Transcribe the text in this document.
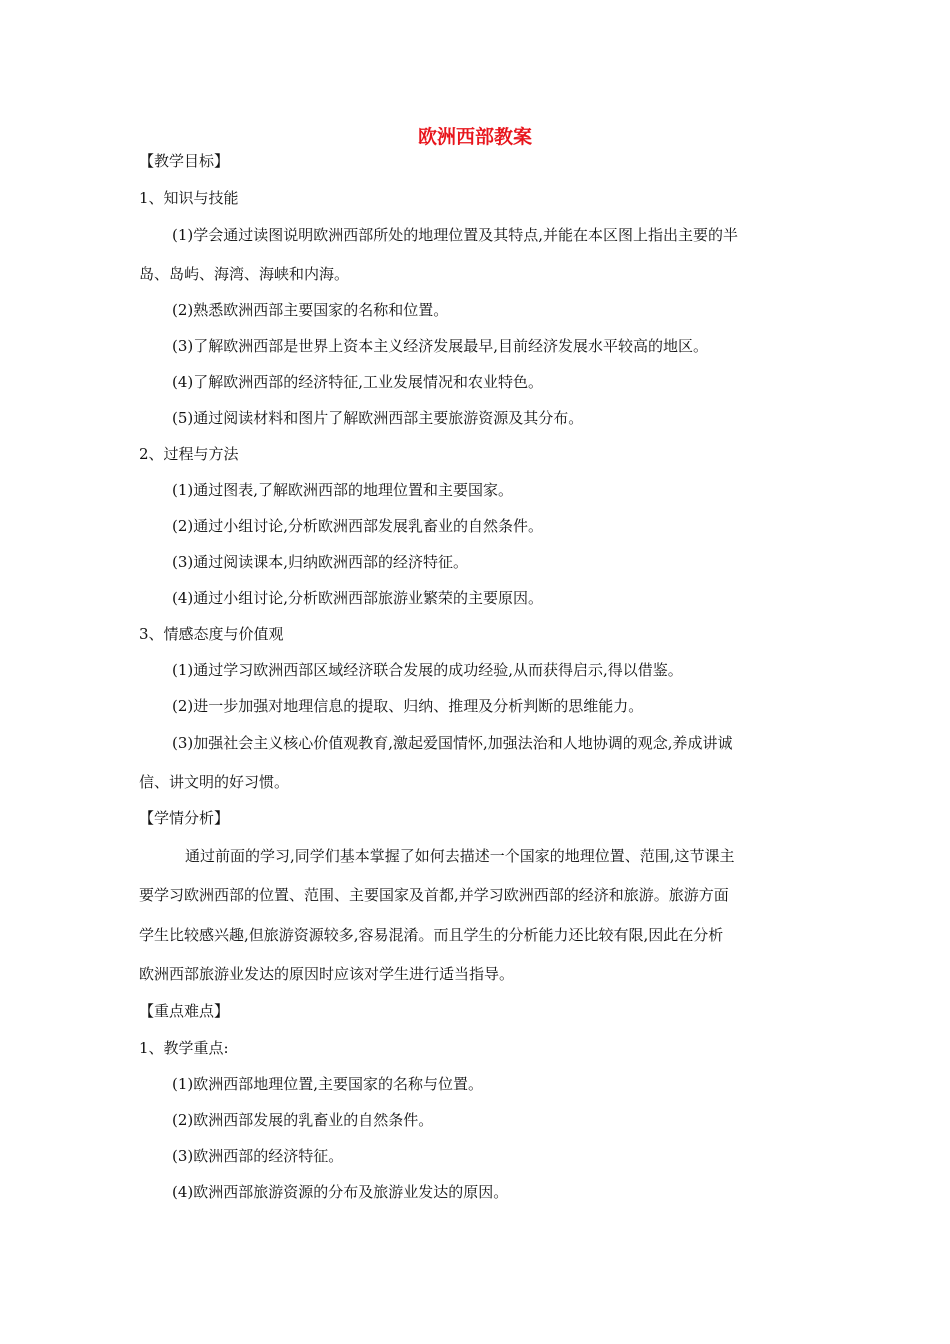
欧洲西部教案
【教学目标】
1、知识与技能
(1)学会通过读图说明欧洲西部所处的地理位置及其特点,并能在本区图上指出主要的半
岛、岛屿、海湾、海峡和内海。
(2)熟悉欧洲西部主要国家的名称和位置。
(3)了解欧洲西部是世界上资本主义经济发展最早,目前经济发展水平较高的地区。
(4)了解欧洲西部的经济特征,工业发展情况和农业特色。
(5)通过阅读材料和图片了解欧洲西部主要旅游资源及其分布。
2、过程与方法
(1)通过图表,了解欧洲西部的地理位置和主要国家。
(2)通过小组讨论,分析欧洲西部发展乳畜业的自然条件。
(3)通过阅读课本,归纳欧洲西部的经济特征。
(4)通过小组讨论,分析欧洲西部旅游业繁荣的主要原因。
3、情感态度与价值观
(1)通过学习欧洲西部区域经济联合发展的成功经验,从而获得启示,得以借鉴。
(2)进一步加强对地理信息的提取、归纳、推理及分析判断的思维能力。
(3)加强社会主义核心价值观教育,激起爱国情怀,加强法治和人地协调的观念,养成讲诚
信、讲文明的好习惯。
【学情分析】
通过前面的学习,同学们基本掌握了如何去描述一个国家的地理位置、范围,这节课主
要学习欧洲西部的位置、范围、主要国家及首都,并学习欧洲西部的经济和旅游。旅游方面
学生比较感兴趣,但旅游资源较多,容易混淆。而且学生的分析能力还比较有限,因此在分析
欧洲西部旅游业发达的原因时应该对学生进行适当指导。
【重点难点】
1、教学重点:
(1)欧洲西部地理位置,主要国家的名称与位置。
(2)欧洲西部发展的乳畜业的自然条件。
(3)欧洲西部的经济特征。
(4)欧洲西部旅游资源的分布及旅游业发达的原因。
